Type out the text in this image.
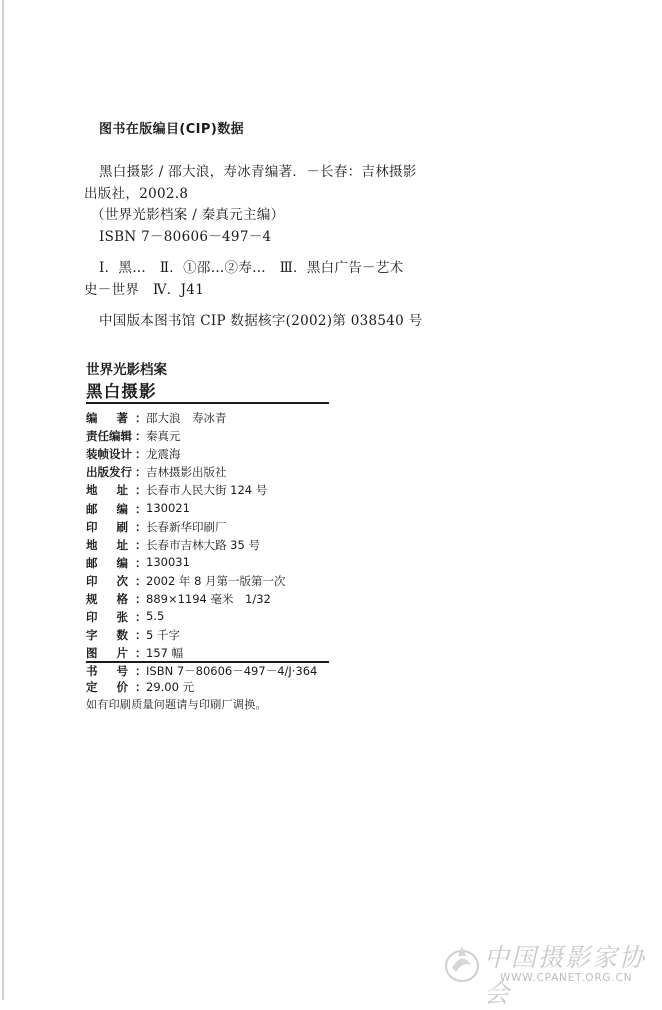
图书在版编目(CIP)数据
黑白摄影 / 邵大浪，寿冰青编著．－长春：吉林摄影
出版社，2002.8
（世界光影档案 / 秦真元主编）
ISBN 7－80606－497－4
Ⅰ．黑…　Ⅱ．①邵…②寿…　Ⅲ．黑白广告－艺术
史－世界　Ⅳ．J41
中国版本图书馆 CIP 数据核字(2002)第 038540 号
世界光影档案
黑白摄影
编 著 ： 邵大浪　寿冰青
责任编辑 ： 秦真元
装帧设计 ： 龙震海
出版发行 ： 吉林摄影出版社
地 址 ： 长春市人民大街 124 号
邮 编 ： 130021
印 刷 ： 长春新华印刷厂
地 址 ： 长春市吉林大路 35 号
邮 编 ： 130031
印 次 ： 2002 年 8 月第一版第一次
规 格 ： 889×1194 毫米　1/32
印 张 ： 5.5
字 数 ： 5 千字
图 片 ： 157 幅
书 号 ： ISBN 7－80606－497－4/J·364
定 价 ： 29.00 元
如有印刷质量问题请与印刷厂调换。
中国摄影家协会
WWW.CPANET.ORG.CN
